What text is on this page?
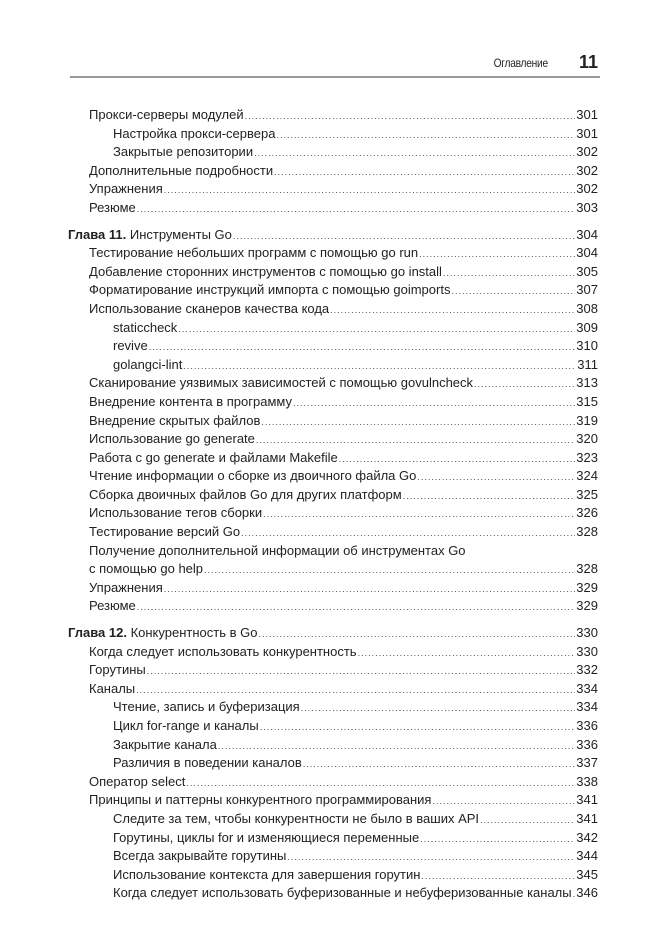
Оглавление 11
Прокси-серверы модулей .....	301
Настройка прокси-сервера .....	301
Закрытые репозитории .....	302
Дополнительные подробности .....	302
Упражнения .....	302
Резюме .....	303
Глава 11. Инструменты Go .....	304
Тестирование небольших программ с помощью go run .....	304
Добавление сторонних инструментов с помощью go install .....	305
Форматирование инструкций импорта с помощью goimports .....	307
Использование сканеров качества кода .....	308
staticcheck .....	309
revive .....	310
golangci-lint .....	311
Сканирование уязвимых зависимостей с помощью govulncheck .....	313
Внедрение контента в программу .....	315
Внедрение скрытых файлов .....	319
Использование go generate .....	320
Работа с go generate и файлами Makefile .....	323
Чтение информации о сборке из двоичного файла Go .....	324
Сборка двоичных файлов Go для других платформ .....	325
Использование тегов сборки .....	326
Тестирование версий Go .....	328
Получение дополнительной информации об инструментах Go
с помощью go help .....	328
Упражнения .....	329
Резюме .....	329
Глава 12. Конкурентность в Go .....	330
Когда следует использовать конкурентность .....	330
Горутины .....	332
Каналы .....	334
Чтение, запись и буферизация .....	334
Цикл for-range и каналы .....	336
Закрытие канала .....	336
Различия в поведении каналов .....	337
Оператор select .....	338
Принципы и паттерны конкурентного программирования .....	341
Следите за тем, чтобы конкурентности не было в ваших API .....	341
Горутины, циклы for и изменяющиеся переменные .....	342
Всегда закрывайте горутины .....	344
Использование контекста для завершения горутин .....	345
Когда следует использовать буферизованные и небуферизованные каналы ..... 346
